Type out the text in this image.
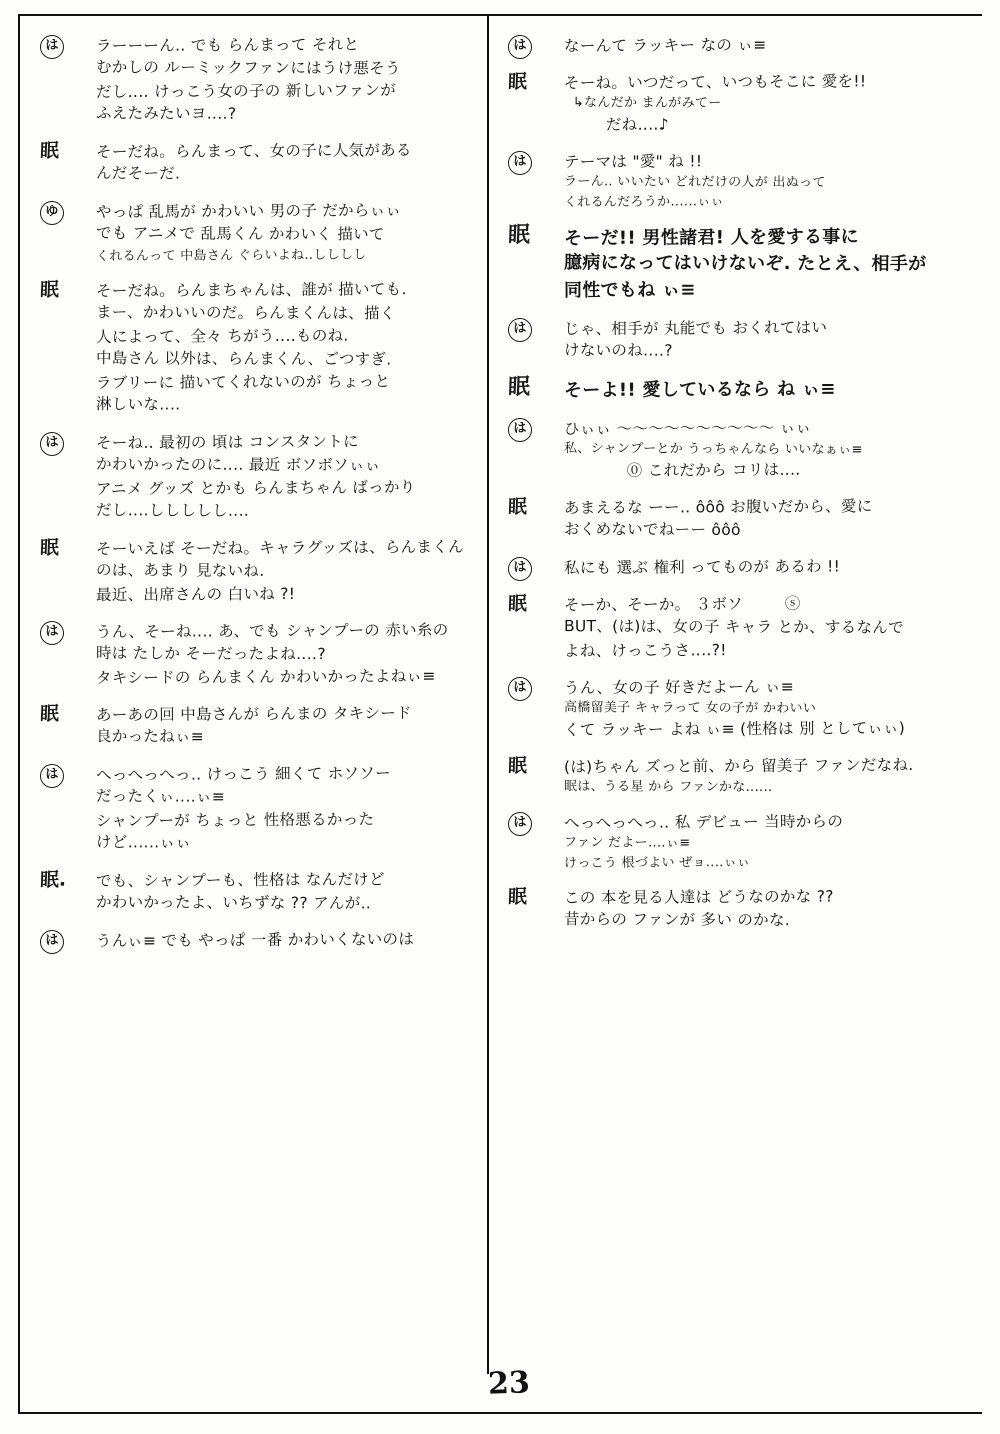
は	ラーーーん‥ でも らんまって それと
むかしの ルーミックファンにはうけ悪そう
だし‥‥ けっこう女の子の 新しいファンが
ふえたみたいヨ‥‥?
眠	そーだね。らんまって、女の子に人気がある
んだそーだ.
ゆ	やっぱ 乱馬が かわいい 男の子 だからぃぃ
でも アニメで 乱馬くん かわいく 描いて
くれるんって 中島さん ぐらいよね‥しししし
眠	そーだね。らんまちゃんは、誰が 描いても.
まー、かわいいのだ。らんまくんは、描く
人によって、全々 ちがう‥‥ものね.
中島さん 以外は、らんまくん、ごつすぎ.
ラブリーに 描いてくれないのが ちょっと
淋しいな‥‥
は	そーね‥ 最初の 頃は コンスタントに
かわいかったのに‥‥ 最近 ボソボソぃぃ
アニメ グッズ とかも らんまちゃん ばっかり
だし‥‥ししししし‥‥
眠	そーいえば そーだね。キャラグッズは、らんまくん
のは、あまり 見ないね.
最近、出席さんの 白いね ?!
は	うん、そーね‥‥ あ、でも シャンプーの 赤い糸の
時は たしか そーだったよね‥‥?
タキシードの らんまくん かわいかったよねぃ≡
眠	あーあの回 中島さんが らんまの タキシード
良かったねぃ≡
は	へっへっへっ‥ けっこう 細くて ホソソー
だったくぃ‥‥ぃ≡
シャンプーが ちょっと 性格悪るかった
けど‥‥‥ぃぃ
眠.	でも、シャンプーも、性格は なんだけど
かわいかったよ、いちずな ?? アんが‥
は	うんぃ≡ でも やっぱ 一番 かわいくないのは
は	なーんて ラッキー なの ぃ≡
眠	そーね。いつだって、いつもそこに 愛を!!
↳なんだか まんがみてー
だね‥‥♪
は	テーマは "愛" ね !!
ラーん‥ いいたい どれだけの人が 出ぬって
くれるんだろうか‥‥‥ぃぃ
眠	そーだ!! 男性諸君! 人を愛する事に
臆病になってはいけないぞ. たとえ、相手が
同性でもね ぃ≡
は	じゃ、相手が 丸能でも おくれてはい
けないのね‥‥?
眠	そーよ!! 愛しているなら ね ぃ≡
は	ひぃぃ 〜〜〜〜〜〜〜〜〜〜 ぃぃ
私、シャンプーとか うっちゃんなら いいなぁぃ≡
⓪ これだから コリは‥‥
眠	あまえるな ーー‥ ôôô お腹いだから、愛に
おくめないでねーー ôôô
は	私にも 選ぶ 権利 ってものが あるわ !!
眠	そーか、そーか。 ３ボソ        ⓢ
BUT、(は)は、女の子 キャラ とか、するなんで
よね、けっこうさ‥‥?!
は	うん、女の子 好きだよーん ぃ≡
高橋留美子 キャラって 女の子が かわいい
くて ラッキー よね ぃ≡ (性格は 別 としてぃぃ)
眠	(は)ちゃん ズっと前、から 留美子 ファンだなね.
眠は、うる星 から ファンかな‥‥‥
は	へっへっへっ‥ 私 デビュー 当時からの
ファン だよー‥‥ぃ≡
けっこう 根づよい ぜョ‥‥ぃぃ
眠	この 本を見る人達は どうなのかな ??
昔からの ファンが 多い のかな.
23
